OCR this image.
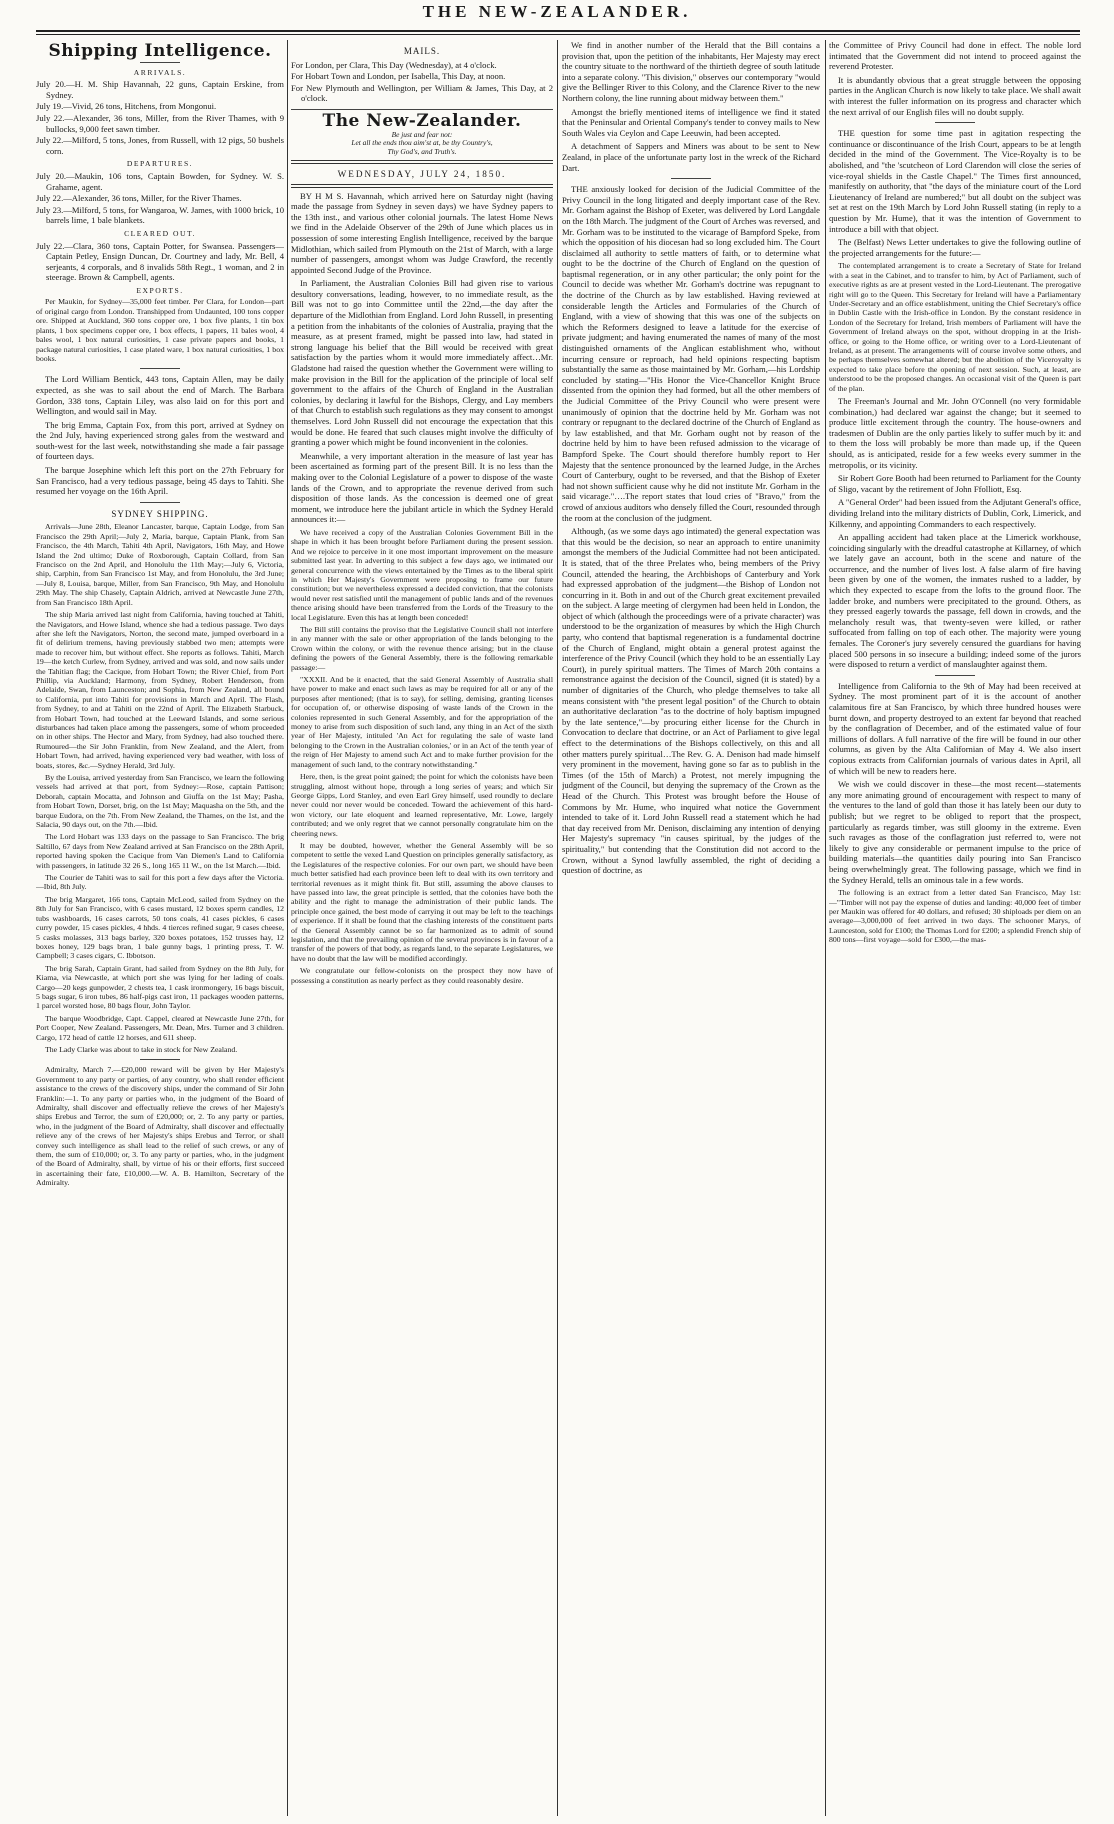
THE NEW-ZEALANDER.
Shipping Intelligence.
ARRIVALS.
July 20.—H. M. Ship Havannah, 22 guns, Captain Erskine, from Sydney.
July 19.—Vivid, 26 tons, Hitchens, from Mongonui.
July 22.—Alexander, 36 tons, Miller, from the River Thames, with 9 bullocks, 9,000 feet sawn timber.
July 22.—Milford, 5 tons, Jones, from Russell, with 12 pigs, 50 bushels corn.
DEPARTURES.
July 20.—Maukin, 106 tons, Captain Bowden, for Sydney. W. S. Grahame, agent.
July 22.—Alexander, 36 tons, Miller, for the River Thames.
July 23.—Milford, 5 tons, for Wangaroa, W. James, with 1000 brick, 10 barrels lime, 1 bale blankets.
CLEARED OUT.
July 22.—Clara, 360 tons, Captain Potter, for Swansea. Passengers—Captain Petley, Ensign Duncan, Dr. Courtney and lady, Mr. Bell, 4 serjeants, 4 corporals, and 8 invalids 58th Regt., 1 woman, and 2 in steerage. Brown & Campbell, agents.
EXPORTS.

Per Maukin, for Sydney—35,000 feet timber. Per Clara, for London—part of original cargo from London. Transhipped from Undaunted, 100 tons copper ore. Shipped at Auckland, 360 tons copper ore, 1 box five plants, 1 tin box plants, 1 box specimens copper ore, 1 box effects, 1 papers, 11 bales wool, 4 bales wool, 1 box natural curiosities, 1 case private papers and books, 1 package natural curiosities, 1 case plated ware, 1 box natural curiosities, 1 box books.

The Lord William Bentick, 443 tons, Captain Allen, may be daily expected, as she was to sail about the end of March. The Barbara Gordon, 338 tons, Captain Liley, was also laid on for this port and Wellington, and would sail in May.

The brig Emma, Captain Fox, from this port, arrived at Sydney on the 2nd July, having experienced strong gales from the westward and south-west for the last week, notwithstanding she made a fair passage of fourteen days.

The barque Josephine which left this port on the 27th February for San Francisco, had a very tedious passage, being 45 days to Tahiti. She resumed her voyage on the 16th April.

SYDNEY SHIPPING.

Arrivals—June 28th, Eleanor Lancaster, barque, Captain Lodge, from San Francisco the 29th April;—July 2, Maria, barque, Captain Plank, from San Francisco, the 4th March, Tahiti 4th April, Navigators, 16th May, and Howe Island the 2nd ultimo; Duke of Roxborough, Captain Collard, from San Francisco on the 2nd April, and Honolulu the 11th May;—July 6, Victoria, ship, Carphin, from San Francisco 1st May, and from Honolulu, the 3rd June;—July 8, Louisa, barque, Miller, from San Francisco, 9th May, and Honolulu 29th May. The ship Chasely, Captain Aldrich, arrived at Newcastle June 27th, from San Francisco 18th April.

The ship Maria arrived last night from California, having touched at Tahiti, the Navigators, and Howe Island, whence she had a tedious passage. Two days after she left the Navigators, Norton, the second mate, jumped overboard in a fit of delirium tremens, having previously stabbed two men; attempts were made to recover him, but without effect. She reports as follows. Tahiti, March 19—the ketch Curlew, from Sydney, arrived and was sold, and now sails under the Tahitian flag; the Cacique, from Hobart Town; the River Chief, from Port Phillip, via Auckland; Harmony, from Sydney, Robert Henderson, from Adelaide, Swan, from Launceston; and Sophia, from New Zealand, all bound to California, put into Tahiti for provisions in March and April. The Flash, from Sydney, to and at Tahiti on the 22nd of April. The Elizabeth Starbuck, from Hobart Town, had touched at the Leeward Islands, and some serious disturbances had taken place among the passengers, some of whom proceeded on in other ships. The Hector and Mary, from Sydney, had also touched there. Rumoured—the Sir John Franklin, from New Zealand, and the Alert, from Hobart Town, had arrived, having experienced very bad weather, with loss of boats, stores, &c.—Sydney Herald, 3rd July.

By the Louisa, arrived yesterday from San Francisco, we learn the following vessels had arrived at that port, from Sydney:—Rose, captain Pattison; Deborah, captain Mocatta, and Johnson and Giuffa on the 1st May; Pasha, from Hobart Town, Dorset, brig, on the 1st May; Maquasha on the 5th, and the barque Eudora, on the 7th. From New Zealand, the Thames, on the 1st, and the Salacia, 90 days out, on the 7th.—Ibid.

The Lord Hobart was 133 days on the passage to San Francisco. The brig Saltillo, 67 days from New Zealand arrived at San Francisco on the 28th April, reported having spoken the Cacique from Van Diemen's Land to California with passengers, in latitude 32 26 S., long 165 11 W., on the 1st March.—Ibid.

The Courier de Tahiti was to sail for this port a few days after the Victoria.—Ibid, 8th July.

The brig Margaret, 166 tons, Captain McLeod, sailed from Sydney on the 8th July for San Francisco, with 6 cases mustard, 12 boxes sperm candles, 12 tubs washboards, 16 cases carrots, 50 tons coals, 41 cases pickles, 6 cases curry powder, 15 cases pickles, 4 hhds. 4 tierces refined sugar, 9 cases cheese, 5 casks molasses, 313 bags barley, 320 boxes potatoes, 152 trusses hay, 12 boxes honey, 129 bags bran, 1 bale gunny bags, 1 printing press, T. W. Campbell; 3 cases cigars, C. Ibbotson.

The brig Sarah, Captain Grant, had sailed from Sydney on the 8th July, for Kiama, via Newcastle, at which port she was lying for her lading of coals. Cargo—20 kegs gunpowder, 2 chests tea, 1 cask ironmongery, 16 bags biscuit, 5 bags sugar, 6 iron tubes, 86 half-pigs cast iron, 11 packages wooden patterns, 1 parcel worsted hose, 80 bags flour, John Taylor.

The barque Woodbridge, Capt. Cappel, cleared at Newcastle June 27th, for Port Cooper, New Zealand. Passengers, Mr. Dean, Mrs. Turner and 3 children. Cargo, 172 head of cattle 12 horses, and 611 sheep.

The Lady Clarke was about to take in stock for New Zealand.

Admiralty, March 7.—£20,000 reward will be given by Her Majesty's Government to any party or parties, of any country, who shall render efficient assistance to the crews of the discovery ships, under the command of Sir John Franklin:—1. To any party or parties who, in the judgment of the Board of Admiralty, shall discover and effectually relieve the crews of her Majesty's ships Erebus and Terror, the sum of £20,000; or, 2. To any party or parties, who, in the judgment of the Board of Admiralty, shall discover and effectually relieve any of the crews of her Majesty's ships Erebus and Terror, or shall convey such intelligence as shall lead to the relief of such crews, or any of them, the sum of £10,000; or, 3. To any party or parties, who, in the judgment of the Board of Admiralty, shall, by virtue of his or their efforts, first succeed in ascertaining their fate, £10,000.—W. A. B. Hamilton, Secretary of the Admiralty.

MAILS.
For London, per Clara, This Day (Wednesday), at 4 o'clock.
For Hobart Town and London, per Isabella, This Day, at noon.
For New Plymouth and Wellington, per William & James, This Day, at 2 o'clock.
The New-Zealander.
Be just and fear not:
Let all the ends thou aim'st at, be thy Country's,
Thy God's, and Truth's.
WEDNESDAY, JULY 24, 1850.

BY H M S. Havannah, which arrived here on Saturday night (having made the passage from Sydney in seven days) we have Sydney papers to the 13th inst., and various other colonial journals. The latest Home News we find in the Adelaide Observer of the 29th of June which places us in possession of some interesting English Intelligence, received by the barque Midlothian, which sailed from Plymouth on the 21st of March, with a large number of passengers, amongst whom was Judge Crawford, the recently appointed Second Judge of the Province.

In Parliament, the Australian Colonies Bill had given rise to various desultory conversations, leading, however, to no immediate result, as the Bill was not to go into Committee until the 22nd,—the day after the departure of the Midlothian from England. Lord John Russell, in presenting a petition from the inhabitants of the colonies of Australia, praying that the measure, as at present framed, might be passed into law, had stated in strong language his belief that the Bill would be received with great satisfaction by the parties whom it would more immediately affect…Mr. Gladstone had raised the question whether the Government were willing to make provision in the Bill for the application of the principle of local self government to the affairs of the Church of England in the Australian colonies, by declaring it lawful for the Bishops, Clergy, and Lay members of that Church to establish such regulations as they may consent to amongst themselves. Lord John Russell did not encourage the expectation that this would be done. He feared that such clauses might involve the difficulty of granting a power which might be found inconvenient in the colonies.

Meanwhile, a very important alteration in the measure of last year has been ascertained as forming part of the present Bill. It is no less than the making over to the Colonial Legislature of a power to dispose of the waste lands of the Crown, and to appropriate the revenue derived from such disposition of those lands. As the concession is deemed one of great moment, we introduce here the jubilant article in which the Sydney Herald announces it:—

We have received a copy of the Australian Colonies Government Bill in the shape in which it has been brought before Parliament during the present session. And we rejoice to perceive in it one most important improvement on the measure submitted last year. In adverting to this subject a few days ago, we intimated our general concurrence with the views entertained by the Times as to the liberal spirit in which Her Majesty's Government were proposing to frame our future constitution; but we nevertheless expressed a decided conviction, that the colonists would never rest satisfied until the management of public lands and of the revenues thence arising should have been transferred from the Lords of the Treasury to the local Legislature. Even this has at length been conceded!

The Bill still contains the proviso that the Legislative Council shall not interfere in any manner with the sale or other appropriation of the lands belonging to the Crown within the colony, or with the revenue thence arising; but in the clause defining the powers of the General Assembly, there is the following remarkable passage:—

"XXXII. And be it enacted, that the said General Assembly of Australia shall have power to make and enact such laws as may be required for all or any of the purposes after mentioned; (that is to say), for selling, demising, granting licenses for occupation of, or otherwise disposing of waste lands of the Crown in the colonies represented in such General Assembly, and for the appropriation of the money to arise from such disposition of such land, any thing in an Act of the sixth year of Her Majesty, intituled 'An Act for regulating the sale of waste land belonging to the Crown in the Australian colonies,' or in an Act of the tenth year of the reign of Her Majesty to amend such Act and to make further provision for the management of such land, to the contrary notwithstanding."

Here, then, is the great point gained; the point for which the colonists have been struggling, almost without hope, through a long series of years; and which Sir George Gipps, Lord Stanley, and even Earl Grey himself, used roundly to declare never could nor never would be conceded. Toward the achievement of this hard-won victory, our late eloquent and learned representative, Mr. Lowe, largely contributed; and we only regret that we cannot personally congratulate him on the cheering news.

It may be doubted, however, whether the General Assembly will be so competent to settle the vexed Land Question on principles generally satisfactory, as the Legislatures of the respective colonies. For our own part, we should have been much better satisfied had each province been left to deal with its own territory and territorial revenues as it might think fit. But still, assuming the above clauses to have passed into law, the great principle is settled, that the colonies have both the ability and the right to manage the administration of their public lands. The principle once gained, the best mode of carrying it out may be left to the teachings of experience. If it shall be found that the clashing interests of the constituent parts of the General Assembly cannot be so far harmonized as to admit of sound legislation, and that the prevailing opinion of the several provinces is in favour of a transfer of the powers of that body, as regards land, to the separate Legislatures, we have no doubt that the law will be modified accordingly.

We congratulate our fellow-colonists on the prospect they now have of possessing a constitution as nearly perfect as they could reasonably desire.

We find in another number of the Herald that the Bill contains a provision that, upon the petition of the inhabitants, Her Majesty may erect the country situate to the northward of the thirtieth degree of south latitude into a separate colony. "This division," observes our contemporary "would give the Bellinger River to this Colony, and the Clarence River to the new Northern colony, the line running about midway between them."

Amongst the briefly mentioned items of intelligence we find it stated that the Peninsular and Oriental Company's tender to convey mails to New South Wales via Ceylon and Cape Leeuwin, had been accepted.

A detachment of Sappers and Miners was about to be sent to New Zealand, in place of the unfortunate party lost in the wreck of the Richard Dart.

THE anxiously looked for decision of the Judicial Committee of the Privy Council in the long litigated and deeply important case of the Rev. Mr. Gorham against the Bishop of Exeter, was delivered by Lord Langdale on the 18th March. The judgment of the Court of Arches was reversed, and Mr. Gorham was to be instituted to the vicarage of Bampford Speke, from which the opposition of his diocesan had so long excluded him. The Court disclaimed all authority to settle matters of faith, or to determine what ought to be the doctrine of the Church of England on the question of baptismal regeneration, or in any other particular; the only point for the Council to decide was whether Mr. Gorham's doctrine was repugnant to the doctrine of the Church as by law established. Having reviewed at considerable length the Articles and Formularies of the Church of England, with a view of showing that this was one of the subjects on which the Reformers designed to leave a latitude for the exercise of private judgment; and having enumerated the names of many of the most distinguished ornaments of the Anglican establishment who, without incurring censure or reproach, had held opinions respecting baptism substantially the same as those maintained by Mr. Gorham,—his Lordship concluded by stating—"His Honor the Vice-Chancellor Knight Bruce dissented from the opinion they had formed, but all the other members of the Judicial Committee of the Privy Council who were present were unanimously of opinion that the doctrine held by Mr. Gorham was not contrary or repugnant to the declared doctrine of the Church of England as by law established, and that Mr. Gorham ought not by reason of the doctrine held by him to have been refused admission to the vicarage of Bampford Speke. The Court should therefore humbly report to Her Majesty that the sentence pronounced by the learned Judge, in the Arches Court of Canterbury, ought to be reversed, and that the Bishop of Exeter had not shown sufficient cause why he did not institute Mr. Gorham in the said vicarage."….The report states that loud cries of "Bravo," from the crowd of anxious auditors who densely filled the Court, resounded through the room at the conclusion of the judgment.

Although, (as we some days ago intimated) the general expectation was that this would be the decision, so near an approach to entire unanimity amongst the members of the Judicial Committee had not been anticipated. It is stated, that of the three Prelates who, being members of the Privy Council, attended the hearing, the Archbishops of Canterbury and York had expressed approbation of the judgment—the Bishop of London not concurring in it. Both in and out of the Church great excitement prevailed on the subject. A large meeting of clergymen had been held in London, the object of which (although the proceedings were of a private character) was understood to be the organization of measures by which the High Church party, who contend that baptismal regeneration is a fundamental doctrine of the Church of England, might obtain a general protest against the interference of the Privy Council (which they hold to be an essentially Lay Court), in purely spiritual matters. The Times of March 20th contains a remonstrance against the decision of the Council, signed (it is stated) by a number of dignitaries of the Church, who pledge themselves to take all means consistent with "the present legal position" of the Church to obtain an authoritative declaration "as to the doctrine of holy baptism impugned by the late sentence,"—by procuring either license for the Church in Convocation to declare that doctrine, or an Act of Parliament to give legal effect to the determinations of the Bishops collectively, on this and all other matters purely spiritual…The Rev. G. A. Denison had made himself very prominent in the movement, having gone so far as to publish in the Times (of the 15th of March) a Protest, not merely impugning the judgment of the Council, but denying the supremacy of the Crown as the Head of the Church. This Protest was brought before the House of Commons by Mr. Hume, who inquired what notice the Government intended to take of it. Lord John Russell read a statement which he had that day received from Mr. Denison, disclaiming any intention of denying Her Majesty's supremacy "in causes spiritual, by the judges of the spirituality," but contending that the Constitution did not accord to the Crown, without a Synod lawfully assembled, the right of deciding a question of doctrine, as

the Committee of Privy Council had done in effect. The noble lord intimated that the Government did not intend to proceed against the reverend Protester.

It is abundantly obvious that a great struggle between the opposing parties in the Anglican Church is now likely to take place. We shall await with interest the fuller information on its progress and character which the next arrival of our English files will no doubt supply.

THE question for some time past in agitation respecting the continuance or discontinuance of the Irish Court, appears to be at length decided in the mind of the Government. The Vice-Royalty is to be abolished, and "the 'scutcheon of Lord Clarendon will close the series of vice-royal shields in the Castle Chapel." The Times first announced, manifestly on authority, that "the days of the miniature court of the Lord Lieutenancy of Ireland are numbered;" but all doubt on the subject was set at rest on the 19th March by Lord John Russell stating (in reply to a question by Mr. Hume), that it was the intention of Government to introduce a bill with that object.

The (Belfast) News Letter undertakes to give the following outline of the projected arrangements for the future:—

The contemplated arrangement is to create a Secretary of State for Ireland with a seat in the Cabinet, and to transfer to him, by Act of Parliament, such of executive rights as are at present vested in the Lord-Lieutenant. The prerogative right will go to the Queen. This Secretary for Ireland will have a Parliamentary Under-Secretary and an office establishment, uniting the Chief Secretary's office in Dublin Castle with the Irish-office in London. By the constant residence in London of the Secretary for Ireland, Irish members of Parliament will have the Government of Ireland always on the spot, without dropping in at the Irish-office, or going to the Home office, or writing over to a Lord-Lieutenant of Ireland, as at present. The arrangements will of course involve some others, and be perhaps themselves somewhat altered; but the abolition of the Viceroyalty is expected to take place before the opening of next session. Such, at least, are understood to be the proposed changes. An occasional visit of the Queen is part of the plan.

The Freeman's Journal and Mr. John O'Connell (no very formidable combination,) had declared war against the change; but it seemed to produce little excitement through the country. The house-owners and tradesmen of Dublin are the only parties likely to suffer much by it: and to them the loss will probably be more than made up, if the Queen should, as is anticipated, reside for a few weeks every summer in the metropolis, or its vicinity.

Sir Robert Gore Booth had been returned to Parliament for the County of Sligo, vacant by the retirement of John Ffolliott, Esq.

A "General Order" had been issued from the Adjutant General's office, dividing Ireland into the military districts of Dublin, Cork, Limerick, and Kilkenny, and appointing Commanders to each respectively.

An appalling accident had taken place at the Limerick workhouse, coinciding singularly with the dreadful catastrophe at Killarney, of which we lately gave an account, both in the scene and nature of the occurrence, and the number of lives lost. A false alarm of fire having been given by one of the women, the inmates rushed to a ladder, by which they expected to escape from the lofts to the ground floor. The ladder broke, and numbers were precipitated to the ground. Others, as they pressed eagerly towards the passage, fell down in crowds, and the melancholy result was, that twenty-seven were killed, or rather suffocated from falling on top of each other. The majority were young females. The Coroner's jury severely censured the guardians for having placed 500 persons in so insecure a building; indeed some of the jurors were disposed to return a verdict of manslaughter against them.

Intelligence from California to the 9th of May had been received at Sydney. The most prominent part of it is the account of another calamitous fire at San Francisco, by which three hundred houses were burnt down, and property destroyed to an extent far beyond that reached by the conflagration of December, and of the estimated value of four millions of dollars. A full narrative of the fire will be found in our other columns, as given by the Alta Californian of May 4. We also insert copious extracts from Californian journals of various dates in April, all of which will be new to readers here.

We wish we could discover in these—the most recent—statements any more animating ground of encouragement with respect to many of the ventures to the land of gold than those it has lately been our duty to publish; but we regret to be obliged to report that the prospect, particularly as regards timber, was still gloomy in the extreme. Even such ravages as those of the conflagration just referred to, were not likely to give any considerable or permanent impulse to the price of building materials—the quantities daily pouring into San Francisco being overwhelmingly great. The following passage, which we find in the Sydney Herald, tells an ominous tale in a few words.

The following is an extract from a letter dated San Francisco, May 1st:—"Timber will not pay the expense of duties and landing: 40,000 feet of timber per Maukin was offered for 40 dollars, and refused; 30 shiploads per diem on an average—3,000,000 of feet arrived in two days. The schooner Marys, of Launceston, sold for £100; the Thomas Lord for £200; a splendid French ship of 800 tons—first voyage—sold for £300,—the mas-
